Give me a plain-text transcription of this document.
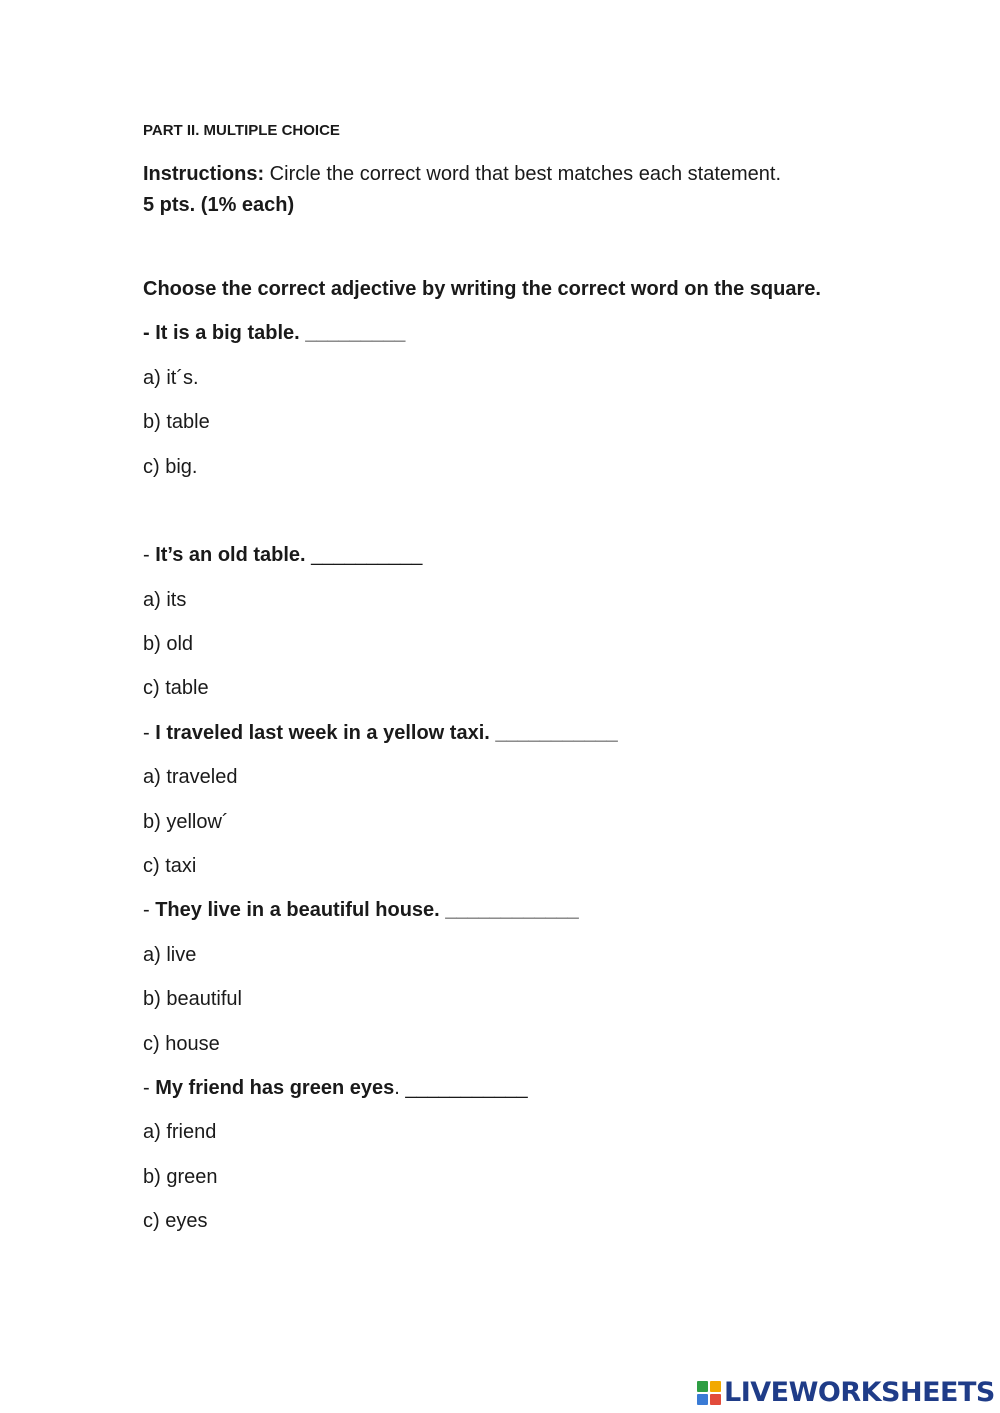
PART II. MULTIPLE CHOICE
Instructions: Circle the correct word that best matches each statement.
5 pts. (1% each)
Choose the correct adjective by writing the correct word on the square.
- It is a big table. _________
a) it´s.
b) table
c) big.
- It’s an old table. __________
a) its
b) old
c) table
- I traveled last week in a yellow taxi. ___________
a) traveled
b) yellow´
c) taxi
- They live in a beautiful house. ____________
a) live
b) beautiful
c) house
- My friend has green eyes. ___________
a) friend
b) green
c) eyes
LIVEWORKSHEETS
